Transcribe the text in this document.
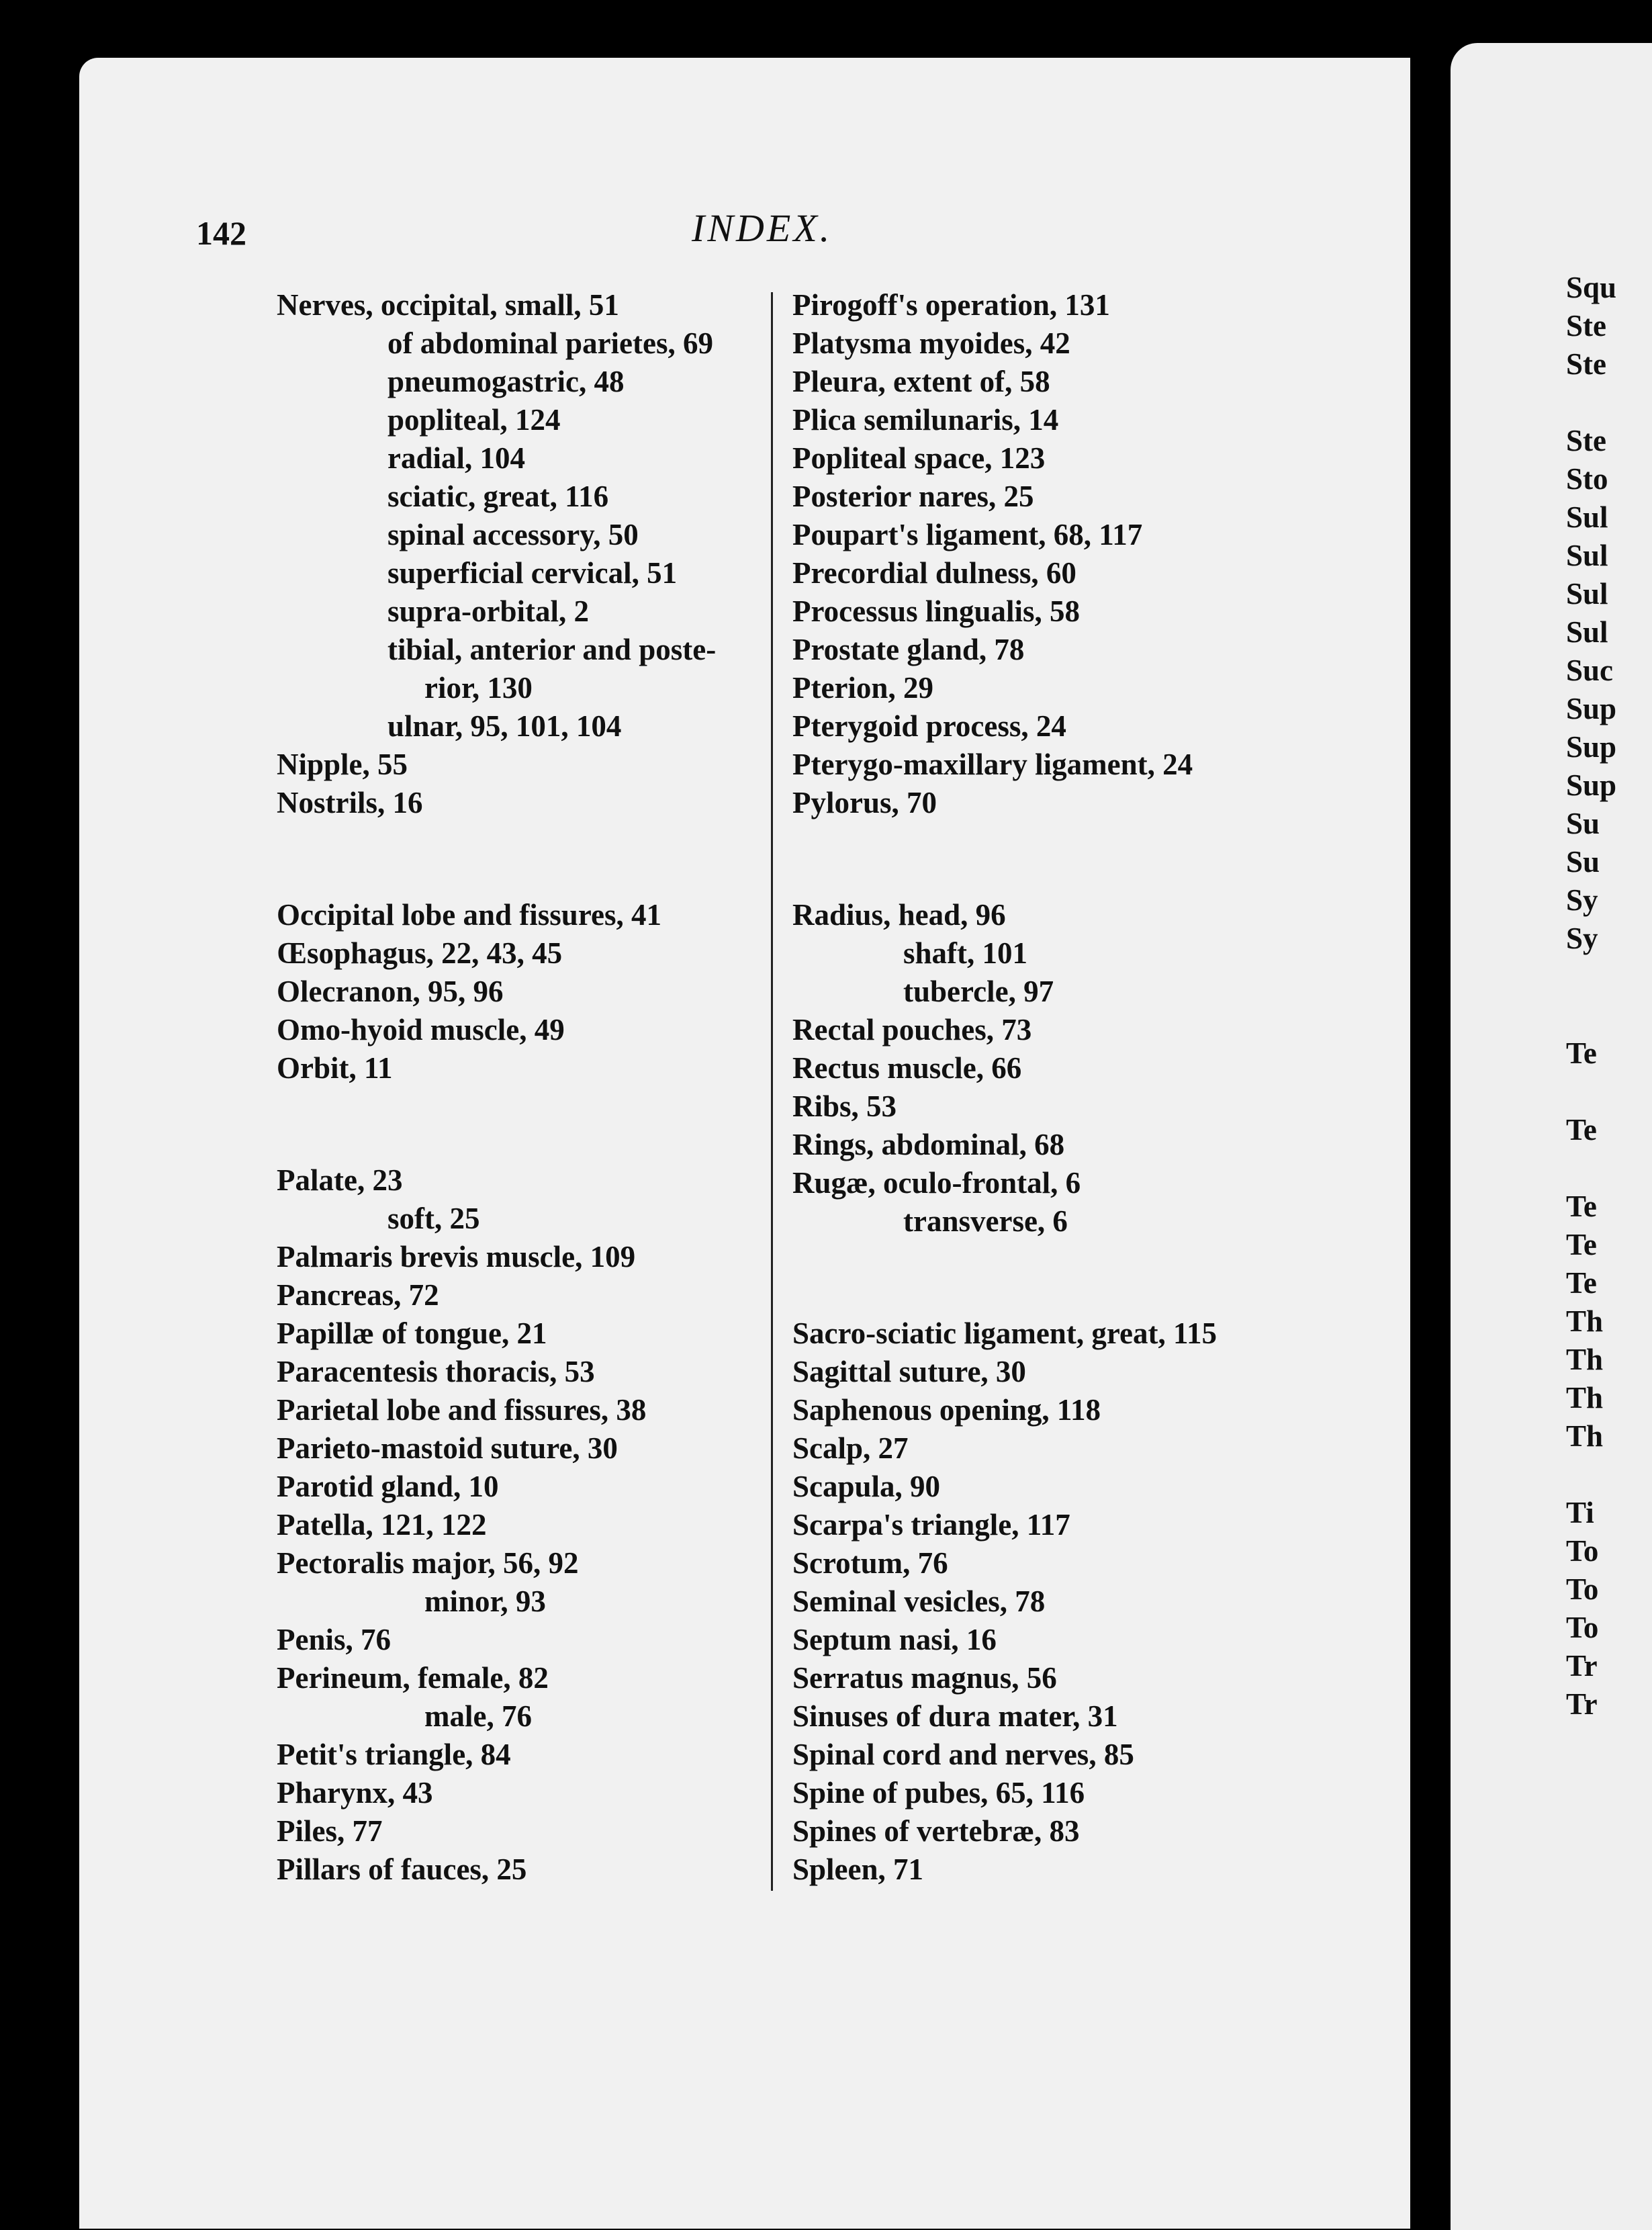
142	INDEX.
Nerves, occipital, small, 51
of abdominal parietes, 69
pneumogastric, 48
popliteal, 124
radial, 104
sciatic, great, 116
spinal accessory, 50
superficial cervical, 51
supra-orbital, 2
tibial, anterior and poste-
rior, 130
ulnar, 95, 101, 104
Nipple, 55
Nostrils, 16
Occipital lobe and fissures, 41
Œsophagus, 22, 43, 45
Olecranon, 95, 96
Omo-hyoid muscle, 49
Orbit, 11
Palate, 23
soft, 25
Palmaris brevis muscle, 109
Pancreas, 72
Papillæ of tongue, 21
Paracentesis thoracis, 53
Parietal lobe and fissures, 38
Parieto-mastoid suture, 30
Parotid gland, 10
Patella, 121, 122
Pectoralis major, 56, 92
minor, 93
Penis, 76
Perineum, female, 82
male, 76
Petit's triangle, 84
Pharynx, 43
Piles, 77
Pillars of fauces, 25
Pirogoff's operation, 131
Platysma myoides, 42
Pleura, extent of, 58
Plica semilunaris, 14
Popliteal space, 123
Posterior nares, 25
Poupart's ligament, 68, 117
Precordial dulness, 60
Processus lingualis, 58
Prostate gland, 78
Pterion, 29
Pterygoid process, 24
Pterygo-maxillary ligament, 24
Pylorus, 70
Radius, head, 96
shaft, 101
tubercle, 97
Rectal pouches, 73
Rectus muscle, 66
Ribs, 53
Rings, abdominal, 68
Rugæ, oculo-frontal, 6
transverse, 6
Sacro-sciatic ligament, great, 115
Sagittal suture, 30
Saphenous opening, 118
Scalp, 27
Scapula, 90
Scarpa's triangle, 117
Scrotum, 76
Seminal vesicles, 78
Septum nasi, 16
Serratus magnus, 56
Sinuses of dura mater, 31
Spinal cord and nerves, 85
Spine of pubes, 65, 116
Spines of vertebræ, 83
Spleen, 71
Squ
Ste
Ste
Ste
Sto
Sul
Sul
Sul
Sul
Suc
Sup
Sup
Sup
Su
Su
Sy
Sy
Te
Te
Te
Te
Te
Th
Th
Th
Th
Ti
To
To
To
Tr
Tr
